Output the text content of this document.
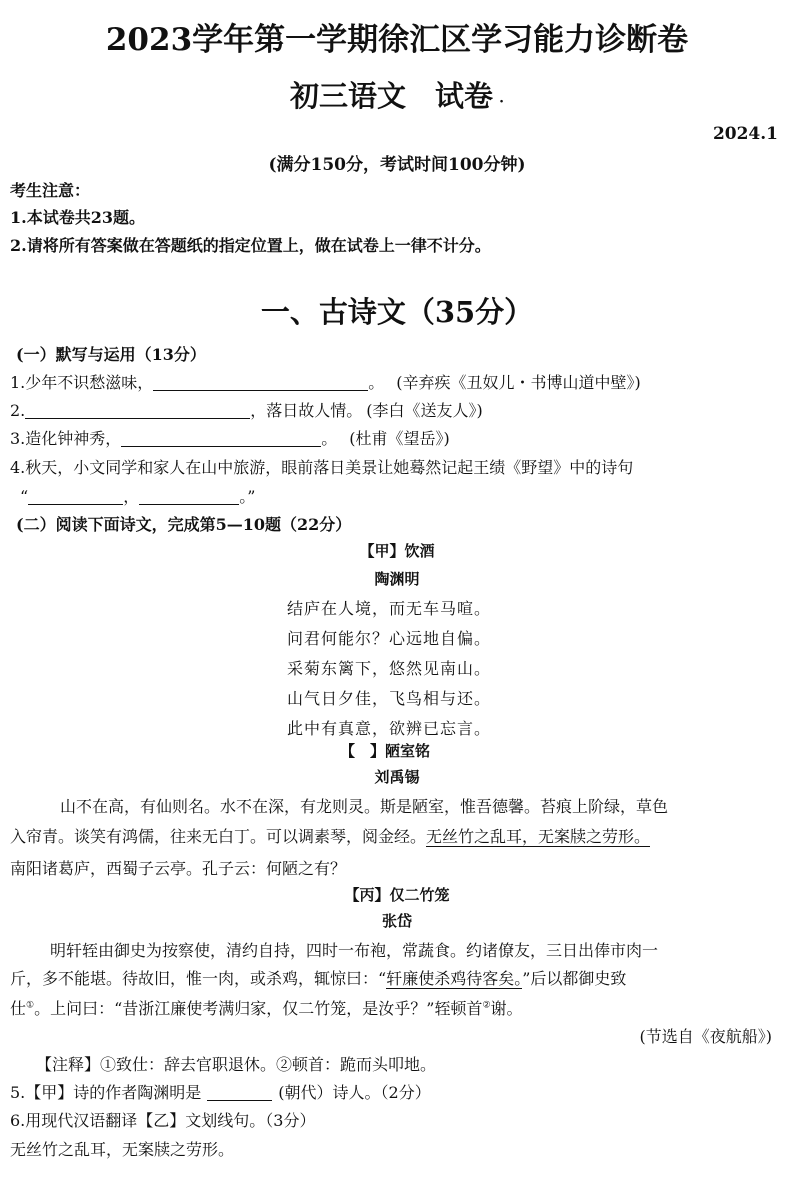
2023学年第一学期徐汇区学习能力诊断卷
初三语文　试卷 ·
2024.1
(满分150分，考试时间100分钟)
考生注意：
1.本试卷共23题。
2.请将所有答案做在答题纸的指定位置上，做在试卷上一律不计分。
一、古诗文（35分）
(一）默写与运用（13分）
1.少年不识愁滋味，	。 (辛弃疾《丑奴儿・书博山道中壁》)
2.	，落日故人情。 (李白《送友人》)
3.造化钟神秀，	。 (杜甫《望岳》)
4.秋天，小文同学和家人在山中旅游，眼前落日美景让她蓦然记起王绩《野望》中的诗句
“	，	。”
(二）阅读下面诗文，完成第5—10题（22分）
【甲】饮酒
陶渊明
结庐在人境，而无车马喧。
问君何能尔？心远地自偏。
采菊东篱下，悠然见南山。
山气日夕佳，飞鸟相与还。
此中有真意，欲辨已忘言。
【　】陋室铭
刘禹锡
山不在高，有仙则名。水不在深，有龙则灵。斯是陋室，惟吾德馨。苔痕上阶绿，草色
入帘青。谈笑有鸿儒，往来无白丁。可以调素琴，阅金经。无丝竹之乱耳，无案牍之劳形。
南阳诸葛庐，西蜀子云亭。孔子云：何陋之有？
【丙】仅二竹笼
张岱
明轩轾由御史为按察使，清约自持，四时一布袍，常蔬食。约诸僚友，三日出俸市肉一
斤，多不能堪。待故旧，惟一肉，或杀鸡，辄惊曰：“轩廉使杀鸡待客矣。”后以都御史致
仕①。上问曰：“昔浙江廉使考满归家，仅二竹笼，是汝乎？”轾顿首②谢。
(节选自《夜航船》)
【注释】①致仕：辞去官职退休。②顿首：跪而头叩地。
5.【甲】诗的作者陶渊明是	(朝代）诗人。（2分）
6.用现代汉语翻译【乙】文划线句。（3分）
无丝竹之乱耳，无案牍之劳形。
